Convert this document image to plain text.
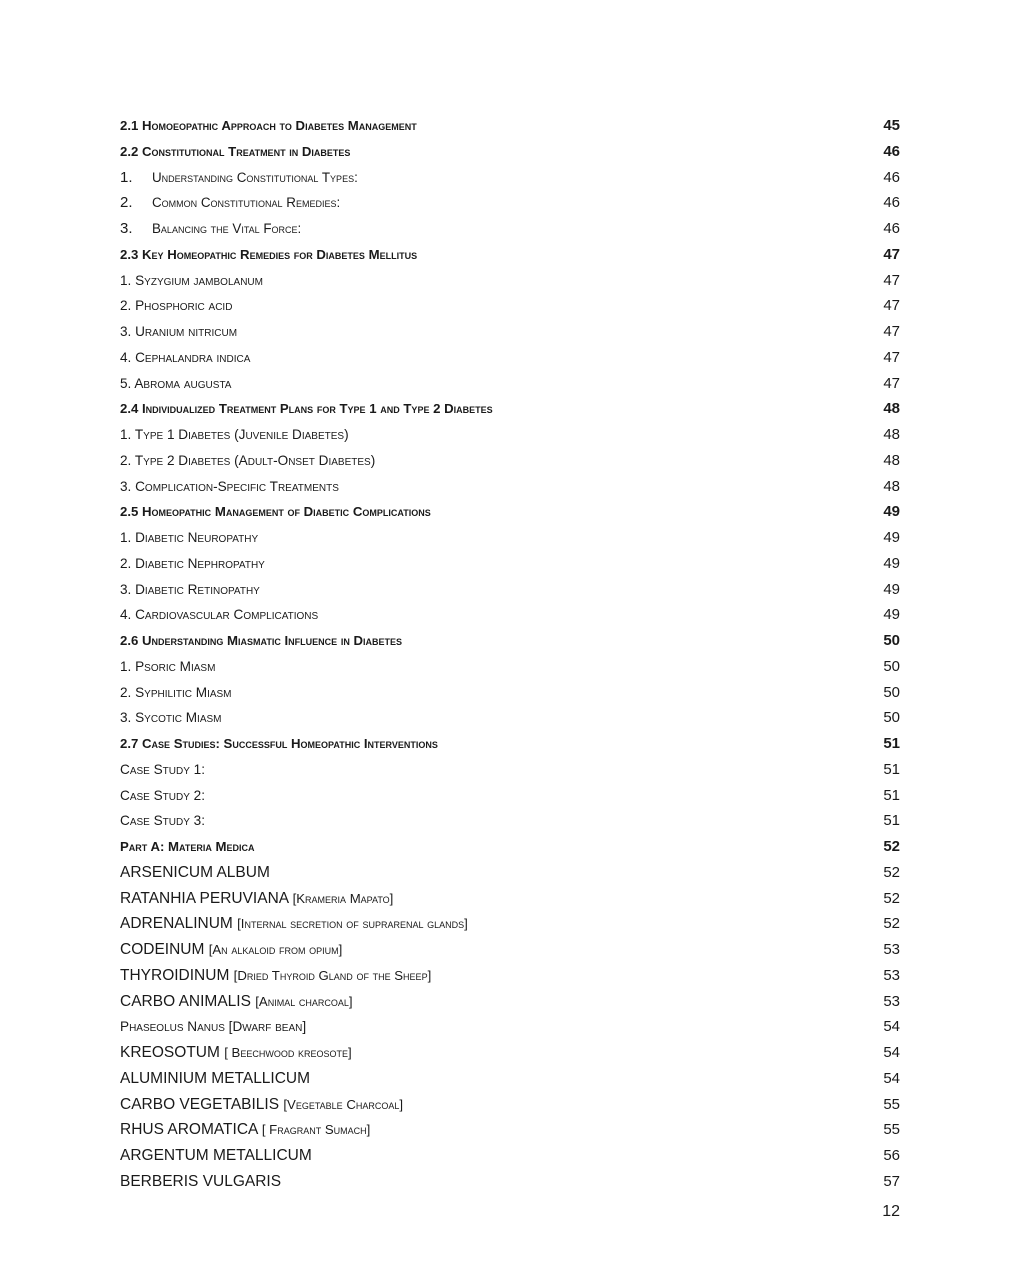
2.1 Homoeopathic Approach to Diabetes Management	45
2.2 Constitutional Treatment in Diabetes	46
1. Understanding Constitutional Types:	46
2. Common Constitutional Remedies:	46
3. Balancing the Vital Force:	46
2.3 Key Homeopathic Remedies for Diabetes Mellitus	47
1. Syzygium jambolanum	47
2. Phosphoric acid	47
3. Uranium nitricum	47
4. Cephalandra indica	47
5. Abroma augusta	47
2.4 Individualized Treatment Plans for Type 1 and Type 2 Diabetes	48
1. Type 1 Diabetes (Juvenile Diabetes)	48
2. Type 2 Diabetes (Adult-Onset Diabetes)	48
3. Complication-Specific Treatments	48
2.5 Homeopathic Management of Diabetic Complications	49
1. Diabetic Neuropathy	49
2. Diabetic Nephropathy	49
3. Diabetic Retinopathy	49
4. Cardiovascular Complications	49
2.6 Understanding Miasmatic Influence in Diabetes	50
1. Psoric Miasm	50
2. Syphilitic Miasm	50
3. Sycotic Miasm	50
2.7 Case Studies: Successful Homeopathic Interventions	51
Case Study 1:	51
Case Study 2:	51
Case Study 3:	51
Part A: Materia Medica	52
ARSENICUM ALBUM	52
RATANHIA PERUVIANA [Krameria Mapato]	52
ADRENALINUM [Internal secretion of suprarenal glands]	52
CODEINUM [An alkaloid from opium]	53
THYROIDINUM [Dried Thyroid Gland of the Sheep]	53
CARBO ANIMALIS [Animal charcoal]	53
Phaseolus Nanus [Dwarf bean]	54
KREOSOTUM [ Beechwood kreosote]	54
ALUMINIUM METALLICUM	54
CARBO VEGETABILIS [Vegetable Charcoal]	55
RHUS AROMATICA [ Fragrant Sumach]	55
ARGENTUM METALLICUM	56
BERBERIS VULGARIS	57
12
